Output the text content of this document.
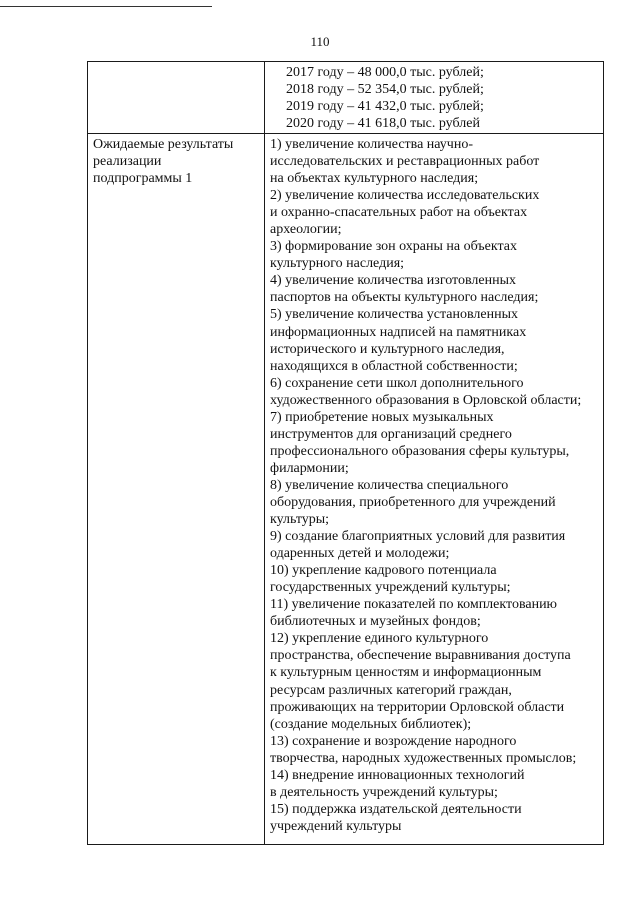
110
2017 году – 48 000,0 тыс. рублей;
2018 году – 52 354,0 тыс. рублей;
2019 году – 41 432,0 тыс. рублей;
2020 году – 41 618,0 тыс. рублей
Ожидаемые результаты
реализации
подпрограммы 1
1) увеличение количества научно-
исследовательских и реставрационных работ
на объектах культурного наследия;
2) увеличение количества исследовательских
и охранно-спасательных работ на объектах
археологии;
3) формирование зон охраны на объектах
культурного наследия;
4) увеличение количества изготовленных
паспортов на объекты культурного наследия;
5) увеличение количества установленных
информационных надписей на памятниках
исторического и культурного наследия,
находящихся в областной собственности;
6) сохранение сети школ дополнительного
художественного образования в Орловской области;
7) приобретение новых музыкальных
инструментов для организаций среднего
профессионального образования сферы культуры,
филармонии;
8) увеличение количества специального
оборудования, приобретенного для учреждений
культуры;
9) создание благоприятных условий для развития
одаренных детей и молодежи;
10) укрепление кадрового потенциала
государственных учреждений культуры;
11) увеличение показателей по комплектованию
библиотечных и музейных фондов;
12) укрепление единого культурного
пространства, обеспечение выравнивания доступа
к культурным ценностям и информационным
ресурсам различных категорий граждан,
проживающих на территории Орловской области
(создание модельных библиотек);
13) сохранение и возрождение народного
творчества, народных художественных промыслов;
14) внедрение инновационных технологий
в деятельность учреждений культуры;
15) поддержка издательской деятельности
учреждений культуры
